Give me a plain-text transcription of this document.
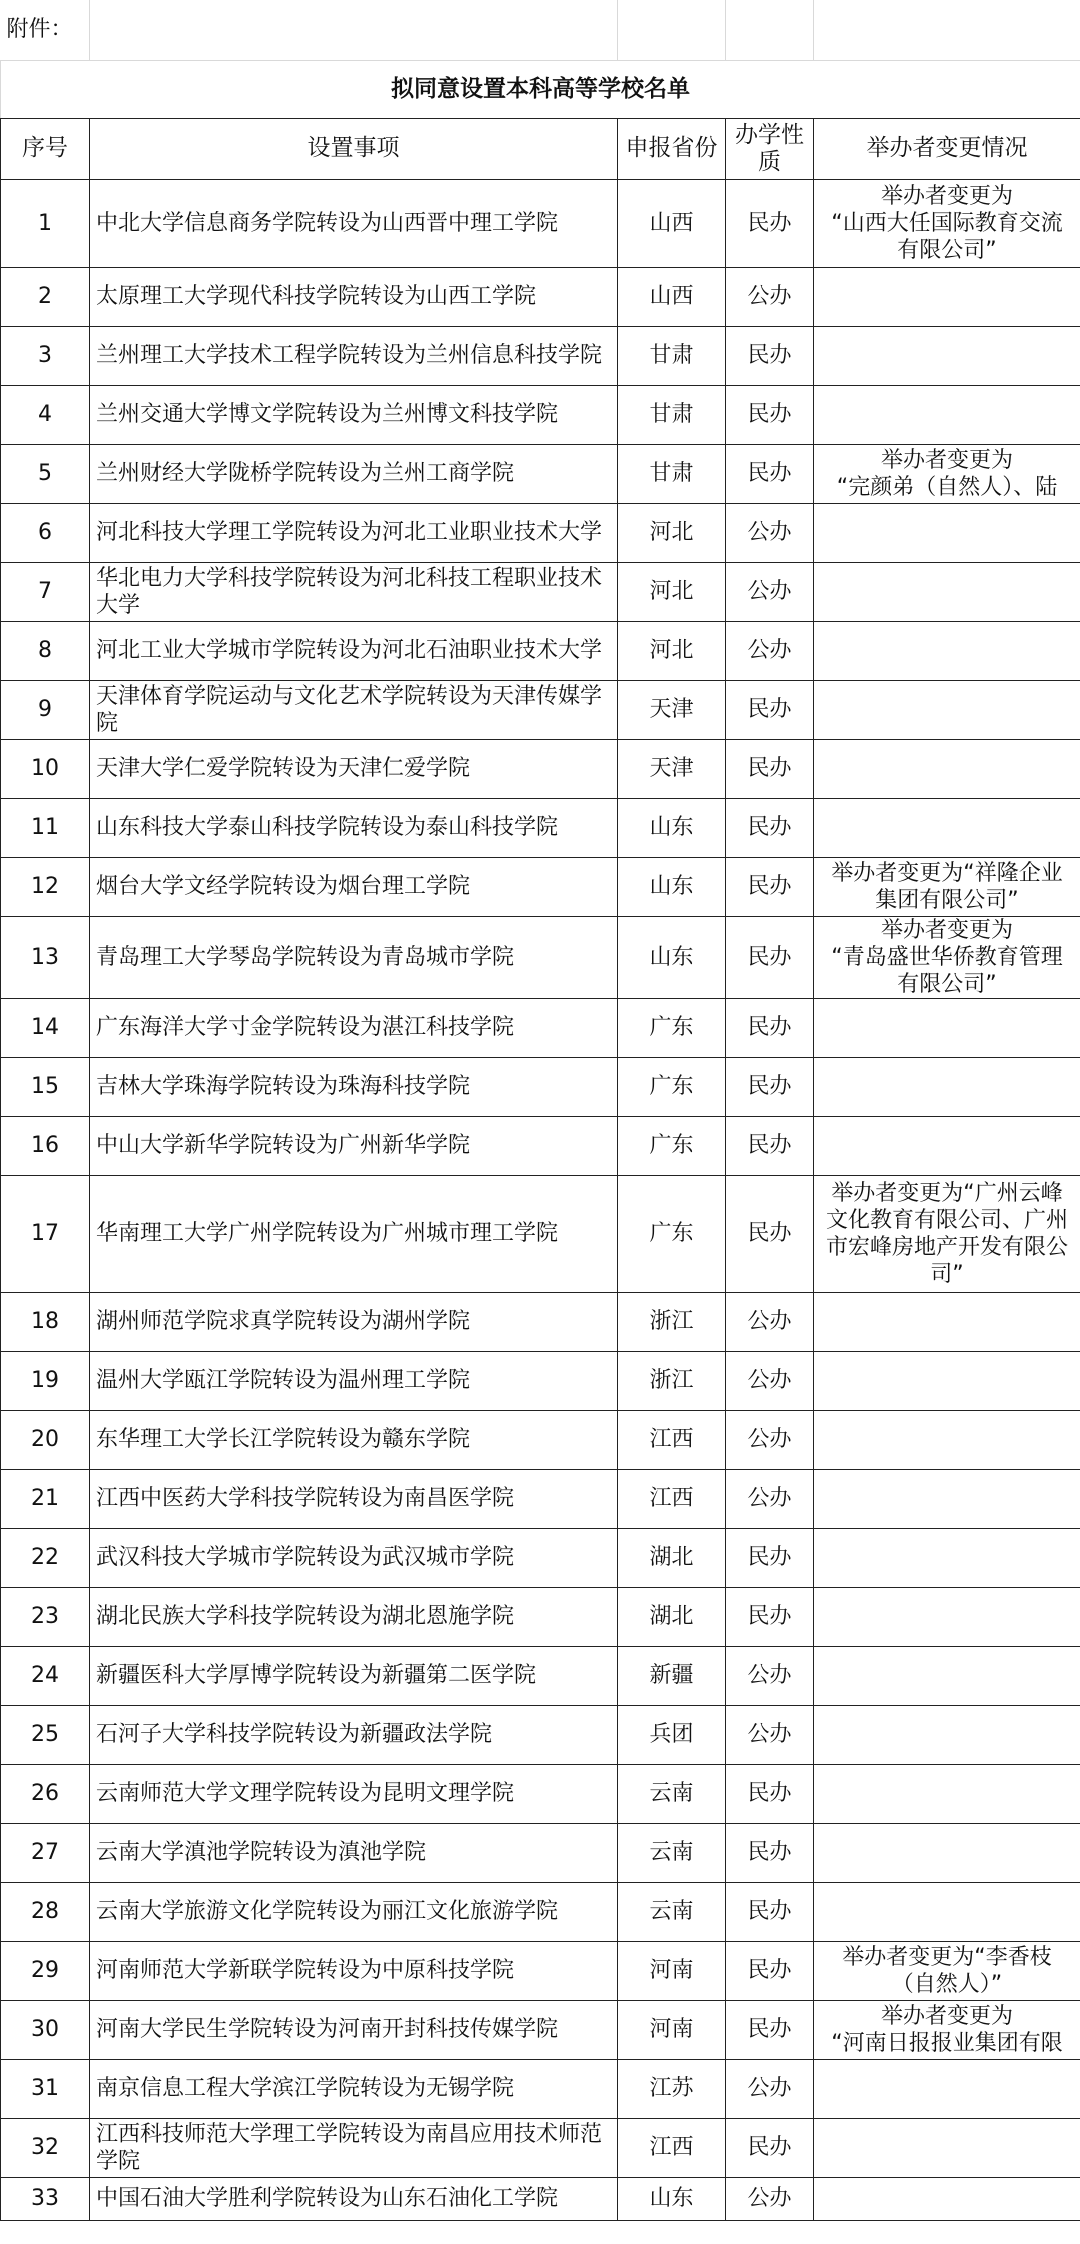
附件：				
拟同意设置本科高等学校名单				
序号	设置事项	申报省份	办学性质	举办者变更情况
1	中北大学信息商务学院转设为山西晋中理工学院	山西	民办	举办者变更为
“山西大任国际教育交流
有限公司”
2	太原理工大学现代科技学院转设为山西工学院	山西	公办	
3	兰州理工大学技术工程学院转设为兰州信息科技学院	甘肃	民办	
4	兰州交通大学博文学院转设为兰州博文科技学院	甘肃	民办	
5	兰州财经大学陇桥学院转设为兰州工商学院	甘肃	民办	举办者变更为
“完颜弟（自然人）、陆
6	河北科技大学理工学院转设为河北工业职业技术大学	河北	公办	
7	华北电力大学科技学院转设为河北科技工程职业技术大学	河北	公办	
8	河北工业大学城市学院转设为河北石油职业技术大学	河北	公办	
9	天津体育学院运动与文化艺术学院转设为天津传媒学院	天津	民办	
10	天津大学仁爱学院转设为天津仁爱学院	天津	民办	
11	山东科技大学泰山科技学院转设为泰山科技学院	山东	民办	
12	烟台大学文经学院转设为烟台理工学院	山东	民办	举办者变更为“祥隆企业
集团有限公司”
13	青岛理工大学琴岛学院转设为青岛城市学院	山东	民办	举办者变更为
“青岛盛世华侨教育管理
有限公司”
14	广东海洋大学寸金学院转设为湛江科技学院	广东	民办	
15	吉林大学珠海学院转设为珠海科技学院	广东	民办	
16	中山大学新华学院转设为广州新华学院	广东	民办	
17	华南理工大学广州学院转设为广州城市理工学院	广东	民办	举办者变更为“广州云峰
文化教育有限公司、广州
市宏峰房地产开发有限公
司”
18	湖州师范学院求真学院转设为湖州学院	浙江	公办	
19	温州大学瓯江学院转设为温州理工学院	浙江	公办	
20	东华理工大学长江学院转设为赣东学院	江西	公办	
21	江西中医药大学科技学院转设为南昌医学院	江西	公办	
22	武汉科技大学城市学院转设为武汉城市学院	湖北	民办	
23	湖北民族大学科技学院转设为湖北恩施学院	湖北	民办	
24	新疆医科大学厚博学院转设为新疆第二医学院	新疆	公办	
25	石河子大学科技学院转设为新疆政法学院	兵团	公办	
26	云南师范大学文理学院转设为昆明文理学院	云南	民办	
27	云南大学滇池学院转设为滇池学院	云南	民办	
28	云南大学旅游文化学院转设为丽江文化旅游学院	云南	民办	
29	河南师范大学新联学院转设为中原科技学院	河南	民办	举办者变更为“李香枝
（自然人）”
30	河南大学民生学院转设为河南开封科技传媒学院	河南	民办	举办者变更为
“河南日报报业集团有限
31	南京信息工程大学滨江学院转设为无锡学院	江苏	公办	
32	江西科技师范大学理工学院转设为南昌应用技术师范学院	江西	民办	
33	中国石油大学胜利学院转设为山东石油化工学院	山东	公办	
